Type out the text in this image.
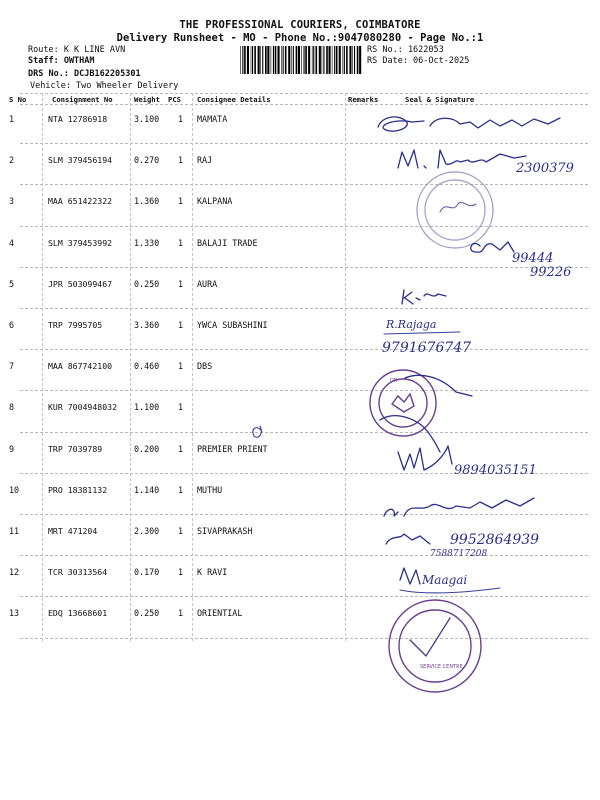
THE PROFESSIONAL COURIERS, COIMBATORE
Delivery Runsheet - MO - Phone No.:9047080280 - Page No.:1
Route: K K LINE AVN
Staff: OWTHAM
DRS No.: DCJB162205301
Vehicle: Two Wheeler Delivery
RS No.: 1622053
RS Date: 06-Oct-2025
S No	Consignment No	Weight PCS Consignee Details	Remarks	Seal & Signature
1	NTA 12786918	3.100 1 MAMATA
2	SLM 379456194	0.270 1 RAJ
3	MAA 651422322	1.360 1 KALPANA
4	SLM 379453992	1.330 1 BALAJI TRADE
5	JPR 503099467	0.250 1 AURA
6	TRP 7995705	3.360 1 YWCA SUBASHINI
7	MAA 867742100	0.460 1 DBS
8	KUR 7004948032 1.100 1
9	TRP 7039789	0.200 1 PREMIER PRIENT
10	PRO 18381132	1.140 1 MUTHU
11	MRT 471204	2.300 1 SIVAPRAKASH
12	TCR 30313564	0.170 1 K RAVI
13	EDQ 13668601	0.250 1 ORIENTIAL
2300379
99444
99226
R.Rajaga
9791676747
DR
9894035151
9952864939
7588717208
Maagai
SERVICE CENTRE
